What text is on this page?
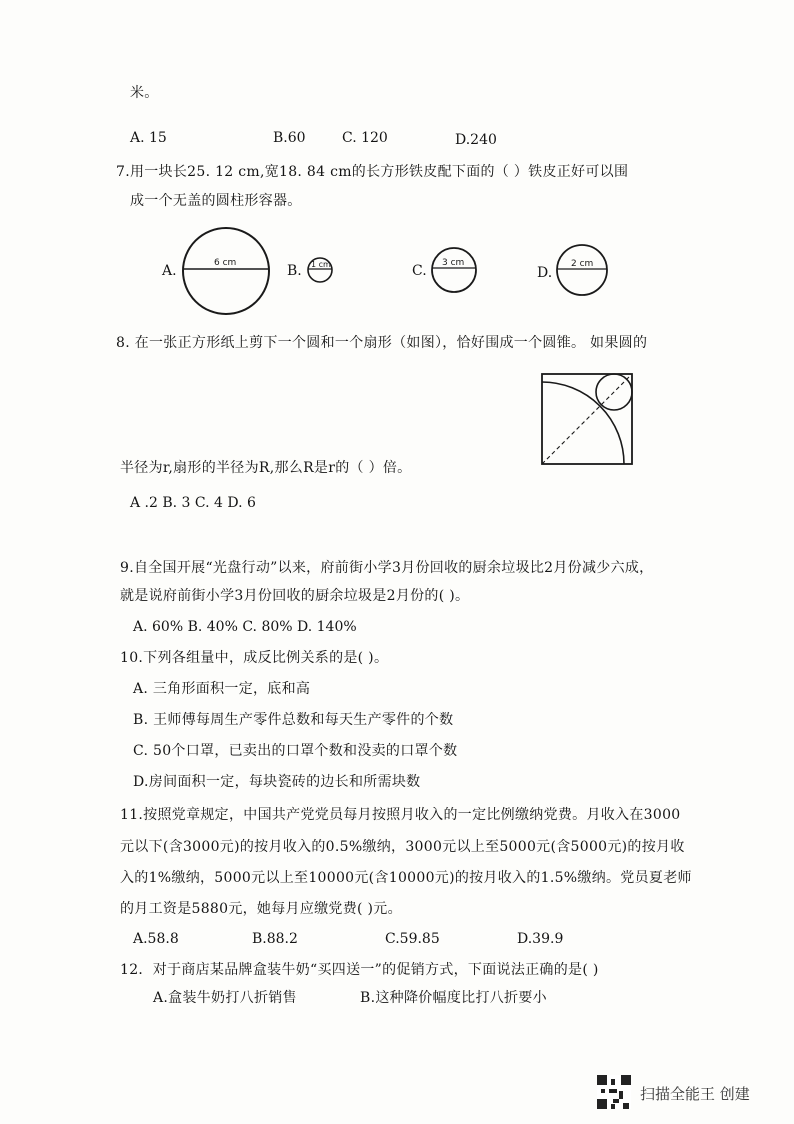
米。
A. 15	B.60	C. 120	D.240
7.用一块长25. 12 cm,宽18. 84 cm的长方形铁皮配下面的（ ）铁皮正好可以围
成一个无盖的圆柱形容器。
A.	6 cm	B. 1 cm	C. 3 cm
D.
2 cm
8. 在一张正方形纸上剪下一个圆和一个扇形（如图），恰好围成一个圆锥。 如果圆的
半径为r,扇形的半径为R,那么R是r的（ ）倍。
A .2 B. 3 C. 4 D. 6
9.自全国开展“光盘行动”以来，府前街小学3月份回收的厨余垃圾比2月份减少六成，
就是说府前街小学3月份回收的厨余垃圾是2月份的( )。
A. 60% B. 40% C. 80% D. 140%
10.下列各组量中，成反比例关系的是( )。
A. 三角形面积一定，底和高
B. 王师傅每周生产零件总数和每天生产零件的个数
C. 50个口罩，已卖出的口罩个数和没卖的口罩个数
D.房间面积一定，每块瓷砖的边长和所需块数
11.按照党章规定，中国共产党党员每月按照月收入的一定比例缴纳党费。月收入在3000
元以下(含3000元)的按月收入的0.5%缴纳，3000元以上至5000元(含5000元)的按月收
入的1%缴纳，5000元以上至10000元(含10000元)的按月收入的1.5%缴纳。党员夏老师
的月工资是5880元，她每月应缴党费( )元。
A.58.8	B.88.2	C.59.85	D.39.9
12．对于商店某品牌盒装牛奶“买四送一”的促销方式，下面说法正确的是( )
A.盒装牛奶打八折销售	B.这种降价幅度比打八折要小
扫描全能王 创建
